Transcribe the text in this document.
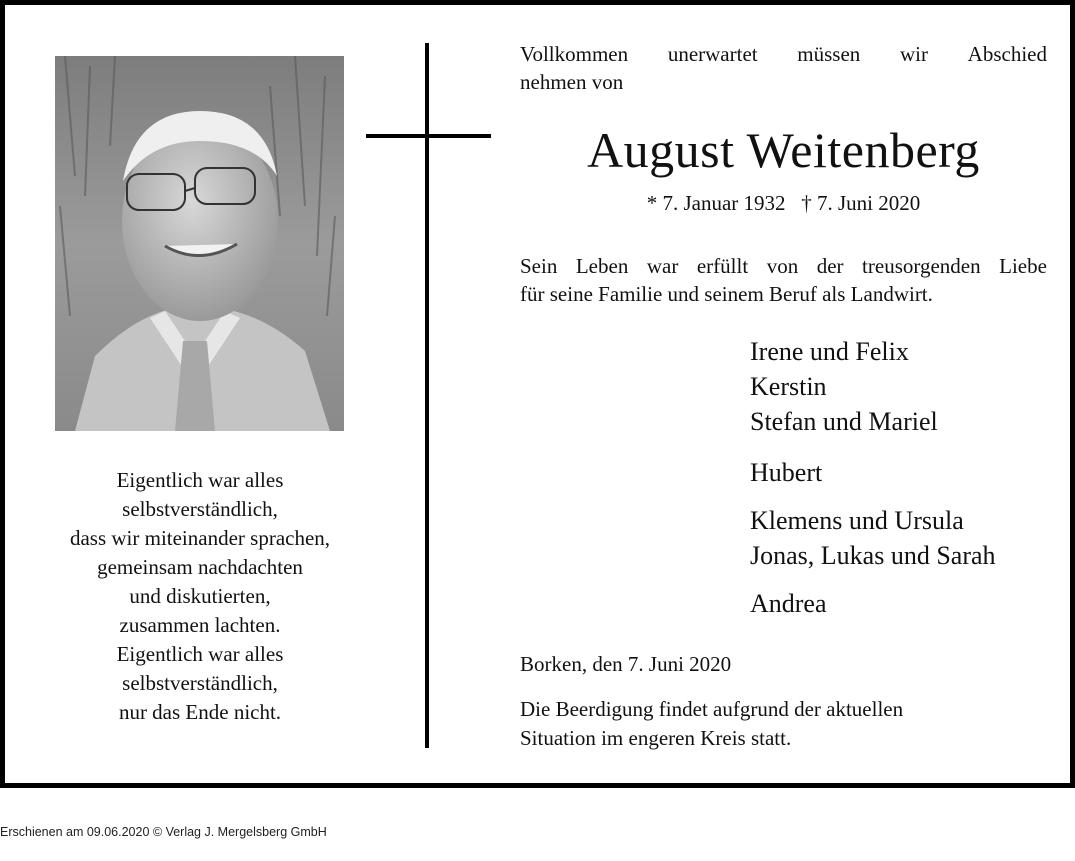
Eigentlich war alles
selbstverständlich,
dass wir miteinander sprachen,
gemeinsam nachdachten
und diskutierten,
zusammen lachten.
Eigentlich war alles
selbstverständlich,
nur das Ende nicht.
Vollkommen unerwartet müssen wir Abschied
nehmen von
August Weitenberg
* 7. Januar 1932   † 7. Juni 2020
Sein Leben war erfüllt von der treusorgenden Liebe
für seine Familie und seinem Beruf als Landwirt.
Irene und Felix
Kerstin
Stefan und Mariel
Hubert
Klemens und Ursula
Jonas, Lukas und Sarah
Andrea
Borken, den 7. Juni 2020
Die Beerdigung findet aufgrund der aktuellen
Situation im engeren Kreis statt.
Erschienen am 09.06.2020 © Verlag J. Mergelsberg GmbH
